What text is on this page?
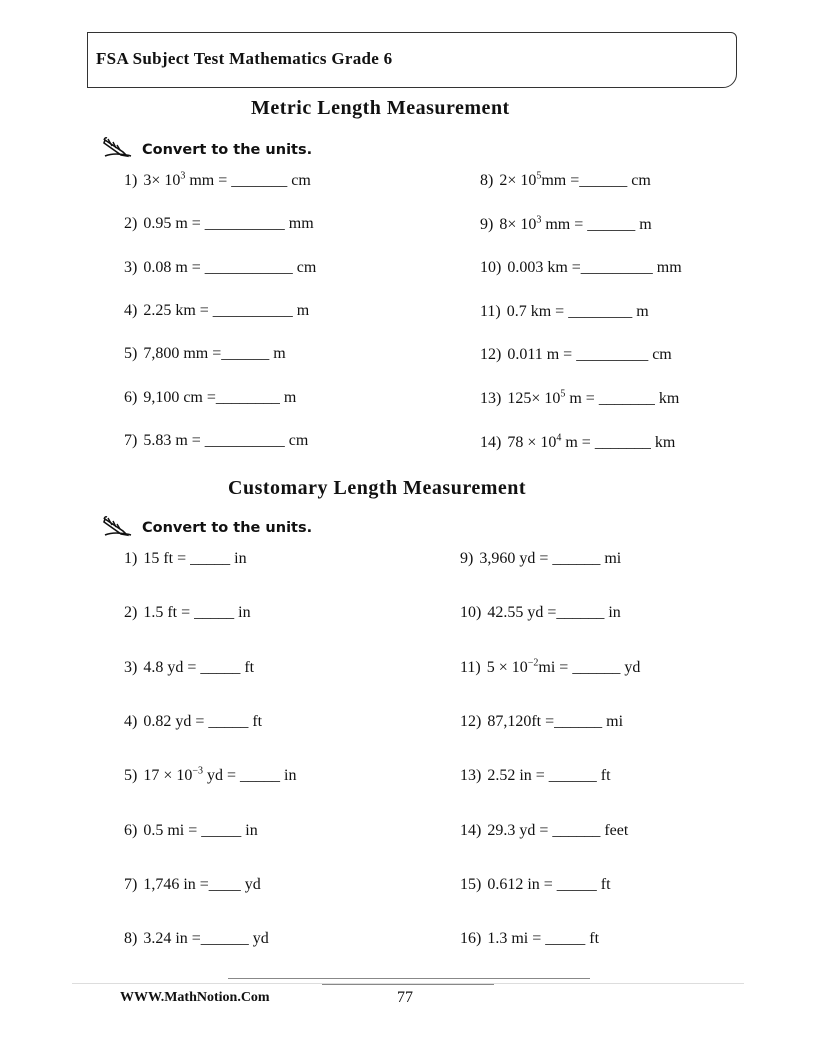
FSA Subject Test Mathematics Grade 6
Metric Length Measurement
Convert to the units.
1) $3\times 10^3$ mm = _______ cm
2) 0.95 m = __________ mm
3) 0.08 m = ___________ cm
4) 2.25 km = __________ m
5) 7,800 mm =______ m
6) 9,100 cm =________ m
7) 5.83 m = __________ cm
8) $2\times 10^5mm$ =______ cm
9) $8\times 10^3$ mm = ______ m
10) 0.003 km =_________ mm
11) 0.7 km = ________ m
12) 0.011 m = _________ cm
13) $125\times 10^5$ m = _______ km
14) $78 \times 10^4$ m = _______ km
Customary Length Measurement
Convert to the units.
1) 15 ft = _____ in
2) 1.5 ft = _____ in
3) 4.8 yd = _____ ft
4) 0.82 yd = _____ ft
5) $17 \times 10^{-3}$ yd = _____ in
6) 0.5 mi = _____ in
7) 1,746 in =____ yd
8) 3.24 in =______ yd
9) 3,960 yd = ______ mi
10) 42.55 yd =______ in
11) $5 \times 10^{-2}mi$ = ______ yd
12) 87,120ft =______ mi
13) 2.52 in = ______ ft
14) 29.3 yd = ______ feet
15) 0.612 in = _____ ft
16) 1.3 mi = _____ ft
WWW.MathNotion.Com	77
